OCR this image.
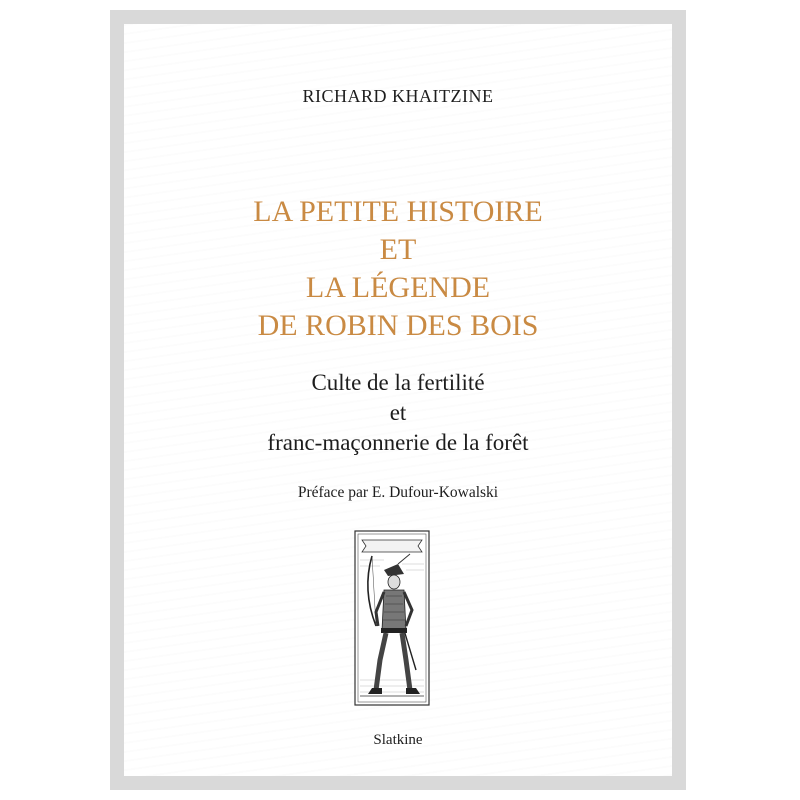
RICHARD KHAITZINE

LA PETITE HISTOIRE

ET

LA LÉGENDE

DE ROBIN DES BOIS

Culte de la fertilité

et

franc-maçonnerie de la forêt

Préface par E. Dufour-Kowalski

Slatkine
